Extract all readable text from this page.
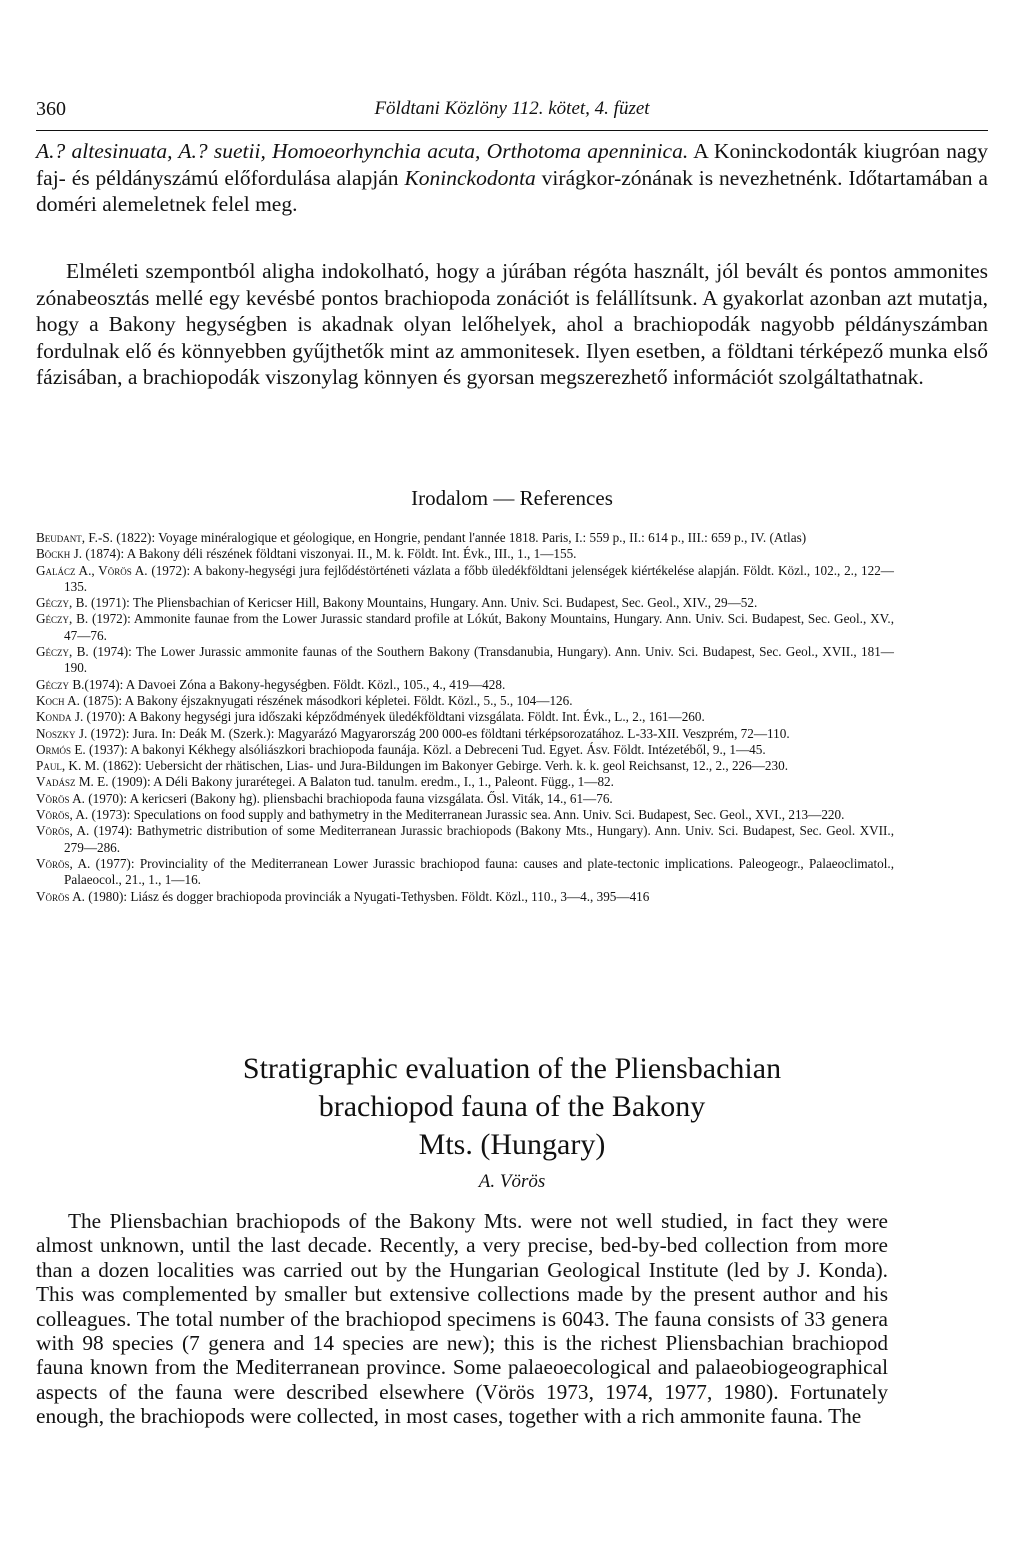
360	Földtani Közlöny 112. kötet, 4. füzet

A.? altesinuata, A.? suetii, Homoeorhynchia acuta, Orthotoma apenninica. A Koninckodonták kiugróan nagy faj- és példányszámú előfordulása alapján Koninckodonta virágkor-zónának is nevezhetnénk. Időtartamában a doméri alemeletnek felel meg.

Elméleti szempontból aligha indokolható, hogy a júrában régóta használt, jól bevált és pontos ammonites zónabeosztás mellé egy kevésbé pontos brachiopoda zonációt is felállítsunk. A gyakorlat azonban azt mutatja, hogy a Bakony hegységben is akadnak olyan lelőhelyek, ahol a brachiopodák nagyobb példányszámban fordulnak elő és könnyebben gyűjthetők mint az ammonitesek. Ilyen esetben, a földtani térképező munka első fázisában, a brachiopodák viszonylag könnyen és gyorsan megszerezhető információt szolgáltathatnak.

Irodalom — References
Beudant, F.-S. (1822): Voyage minéralogique et géologique, en Hongrie, pendant l'année 1818. Paris, I.: 559 p., II.: 614 p., III.: 659 p., IV. (Atlas)
Böckh J. (1874): A Bakony déli részének földtani viszonyai. II., M. k. Földt. Int. Évk., III., 1., 1—155.
Galácz A., Vörös A. (1972): A bakony-hegységi jura fejlődéstörténeti vázlata a főbb üledékföldtani jelenségek kiértékelése alapján. Földt. Közl., 102., 2., 122—135.
Géczy, B. (1971): The Pliensbachian of Kericser Hill, Bakony Mountains, Hungary. Ann. Univ. Sci. Budapest, Sec. Geol., XIV., 29—52.
Géczy, B. (1972): Ammonite faunae from the Lower Jurassic standard profile at Lókút, Bakony Mountains, Hungary. Ann. Univ. Sci. Budapest, Sec. Geol., XV., 47—76.
Géczy, B. (1974): The Lower Jurassic ammonite faunas of the Southern Bakony (Transdanubia, Hungary). Ann. Univ. Sci. Budapest, Sec. Geol., XVII., 181—190.
Géczy B.(1974): A Davoei Zóna a Bakony-hegységben. Földt. Közl., 105., 4., 419—428.
Koch A. (1875): A Bakony éjszaknyugati részének másodkori képletei. Földt. Közl., 5., 5., 104—126.
Konda J. (1970): A Bakony hegységi jura időszaki képződmények üledékföldtani vizsgálata. Földt. Int. Évk., L., 2., 161—260.
Noszky J. (1972): Jura. In: Deák M. (Szerk.): Magyarázó Magyarország 200 000-es földtani térképsorozatához. L-33-XII. Veszprém, 72—110.
Ormós E. (1937): A bakonyi Kékhegy alsóliászkori brachiopoda faunája. Közl. a Debreceni Tud. Egyet. Ásv. Földt. Intézetéből, 9., 1—45.
Paul, K. M. (1862): Uebersicht der rhätischen, Lias- und Jura-Bildungen im Bakonyer Gebirge. Verh. k. k. geol Reichsanst, 12., 2., 226—230.
Vadász M. E. (1909): A Déli Bakony jurarétegei. A Balaton tud. tanulm. eredm., I., 1., Paleont. Függ., 1—82.
Vörös A. (1970): A kericseri (Bakony hg). pliensbachi brachiopoda fauna vizsgálata. Ősl. Viták, 14., 61—76.
Vörös, A. (1973): Speculations on food supply and bathymetry in the Mediterranean Jurassic sea. Ann. Univ. Sci. Budapest, Sec. Geol., XVI., 213—220.
Vörös, A. (1974): Bathymetric distribution of some Mediterranean Jurassic brachiopods (Bakony Mts., Hungary). Ann. Univ. Sci. Budapest, Sec. Geol. XVII., 279—286.
Vörös, A. (1977): Provinciality of the Mediterranean Lower Jurassic brachiopod fauna: causes and plate-tectonic implications. Paleogeogr., Palaeoclimatol., Palaeocol., 21., 1., 1—16.
Vörös A. (1980): Liász és dogger brachiopoda provinciák a Nyugati-Tethysben. Földt. Közl., 110., 3—4., 395—416
Stratigraphic evaluation of the Pliensbachian
brachiopod fauna of the Bakony
Mts. (Hungary)
A. Vörös

The Pliensbachian brachiopods of the Bakony Mts. were not well studied, in fact they were almost unknown, until the last decade. Recently, a very precise, bed-by-bed collection from more than a dozen localities was carried out by the Hungarian Geological Institute (led by J. Konda). This was complemented by smaller but extensive collections made by the present author and his colleagues. The total number of the brachiopod specimens is 6043. The fauna consists of 33 genera with 98 species (7 genera and 14 species are new); this is the richest Pliensbachian brachiopod fauna known from the Mediterranean province. Some palaeoecological and palaeobiogeographical aspects of the fauna were described elsewhere (Vörös 1973, 1974, 1977, 1980). Fortunately enough, the brachiopods were collected, in most cases, together with a rich ammonite fauna. The
